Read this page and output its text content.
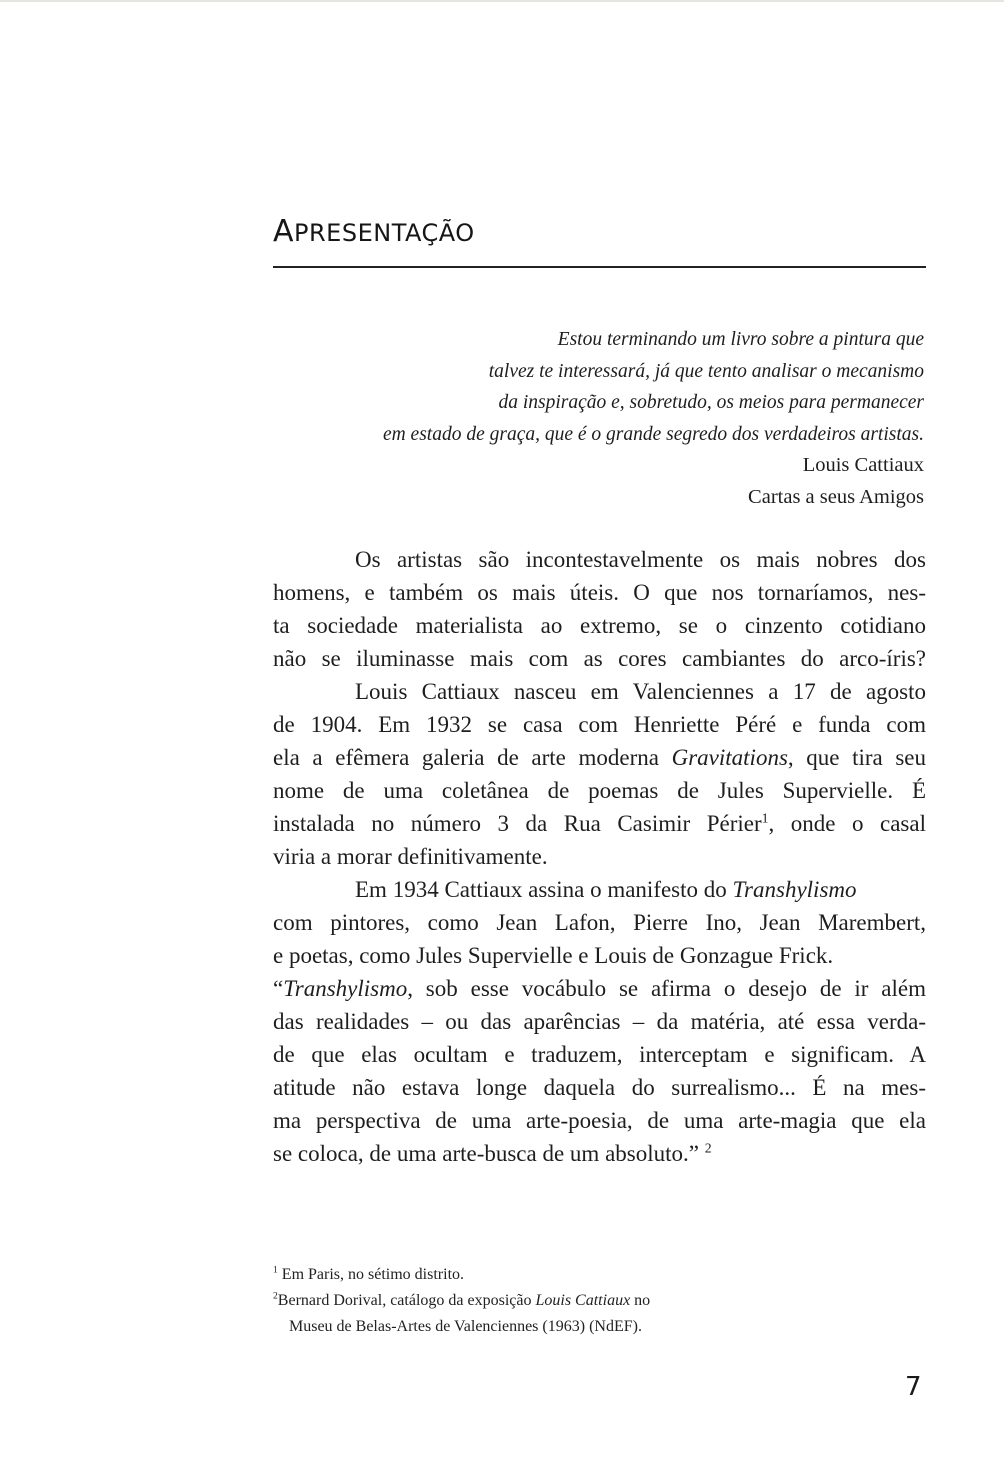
APRESENTAÇÃO
Estou terminando um livro sobre a pintura que
talvez te interessará, já que tento analisar o mecanismo
da inspiração e, sobretudo, os meios para permanecer
em estado de graça, que é o grande segredo dos verdadeiros artistas.
Louis Cattiaux
Cartas a seus Amigos
Os artistas são incontestavelmente os mais nobres dos
homens, e também os mais úteis. O que nos tornaríamos, nes-
ta sociedade materialista ao extremo, se o cinzento cotidiano
não se iluminasse mais com as cores cambiantes do arco-íris?
Louis Cattiaux nasceu em Valenciennes a 17 de agosto
de 1904. Em 1932 se casa com Henriette Péré e funda com
ela a efêmera galeria de arte moderna Gravitations, que tira seu
nome de uma coletânea de poemas de Jules Supervielle. É
instalada no número 3 da Rua Casimir Périer$^1$, onde o casal
viria a morar definitivamente.
Em 1934 Cattiaux assina o manifesto do Transhylismo
com pintores, como Jean Lafon, Pierre Ino, Jean Marembert,
e poetas, como Jules Supervielle e Louis de Gonzague Frick.
“Transhylismo, sob esse vocábulo se afirma o desejo de ir além
das realidades – ou das aparências – da matéria, até essa verda-
de que elas ocultam e traduzem, interceptam e significam. A
atitude não estava longe daquela do surrealismo... É na mes-
ma perspectiva de uma arte-poesia, de uma arte-magia que ela
se coloca, de uma arte-busca de um absoluto.” $^2$
$^1$ Em Paris, no sétimo distrito.
$^2$Bernard Dorival, catálogo da exposição Louis Cattiaux no
Museu de Belas-Artes de Valenciennes (1963) (NdEF).
7
